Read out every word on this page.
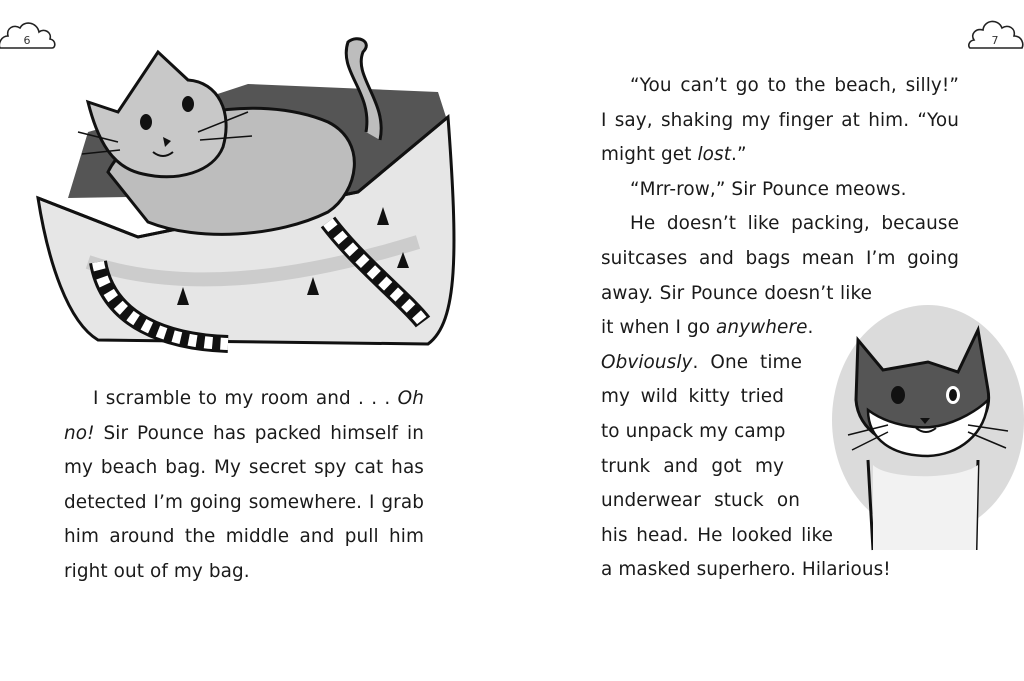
6
I scramble to my room and . . . Oh
no! Sir Pounce has packed himself in
my beach bag. My secret spy cat has
detected I’m going somewhere. I grab
him around the middle and pull him
right out of my bag.
7
“You can’t go to the beach, silly!”
I say, shaking my finger at him. “You
might get lost.”
“Mrr-row,” Sir Pounce meows.
He doesn’t like packing, because
suitcases and bags mean I’m going
away. Sir Pounce doesn’t like
it when I go anywhere.
Obviously. One time
my wild kitty tried
to unpack my camp
trunk and got my
underwear stuck on
his head. He looked like
a masked superhero. Hilarious!
